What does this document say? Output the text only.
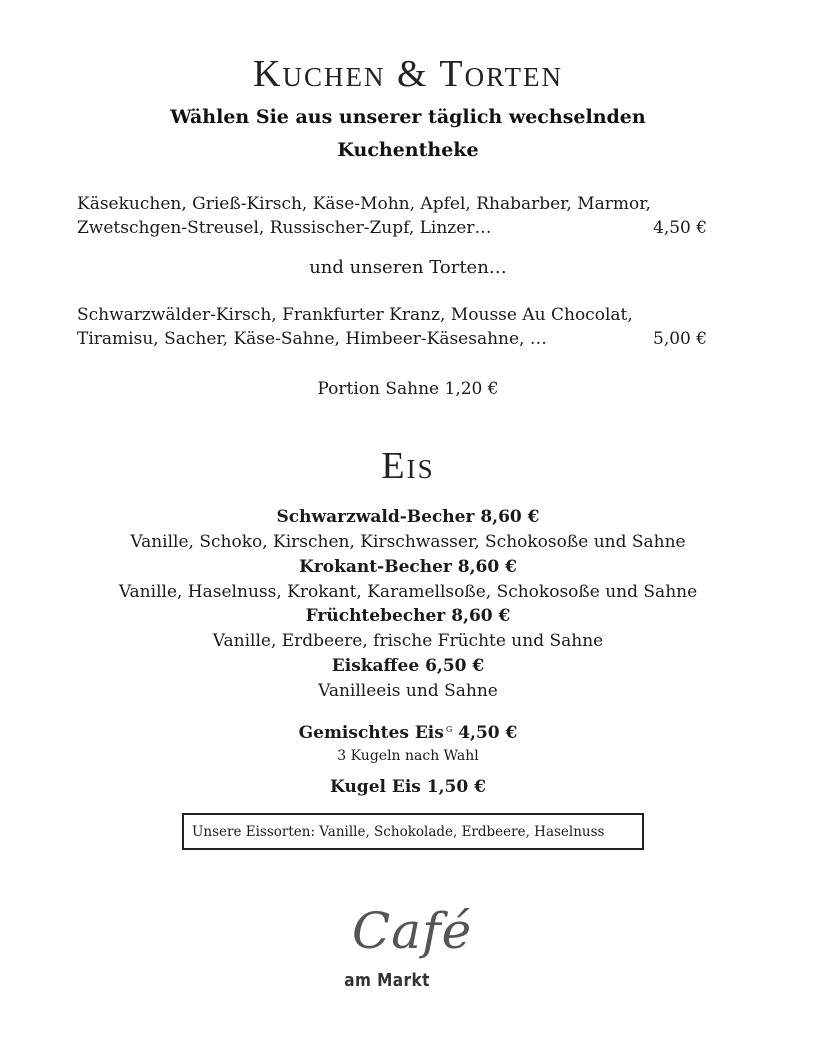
Kuchen & Torten
Wählen Sie aus unserer täglich wechselnden
Kuchentheke
Käsekuchen, Grieß-Kirsch, Käse-Mohn, Apfel, Rhabarber, Marmor,
Zwetschgen-Streusel, Russischer-Zupf, Linzer…	4,50 €
und unseren Torten…
Schwarzwälder-Kirsch, Frankfurter Kranz, Mousse Au Chocolat,
Tiramisu, Sacher, Käse-Sahne, Himbeer-Käsesahne, …	5,00 €
Portion Sahne 1,20 €
Eis
Schwarzwald-Becher 8,60 €
Vanille, Schoko, Kirschen, Kirschwasser, Schokosoße und Sahne
Krokant-Becher 8,60 €
Vanille, Haselnuss, Krokant, Karamellsoße, Schokosoße und Sahne
Früchtebecher 8,60 €
Vanille, Erdbeere, frische Früchte und Sahne
Eiskaffee 6,50 €
Vanilleeis und Sahne
Gemischtes Eis $^G$ 4,50 €
3 Kugeln nach Wahl
Kugel Eis 1,50 €
Unsere Eissorten: Vanille, Schokolade, Erdbeere, Haselnuss
Café
am Markt
